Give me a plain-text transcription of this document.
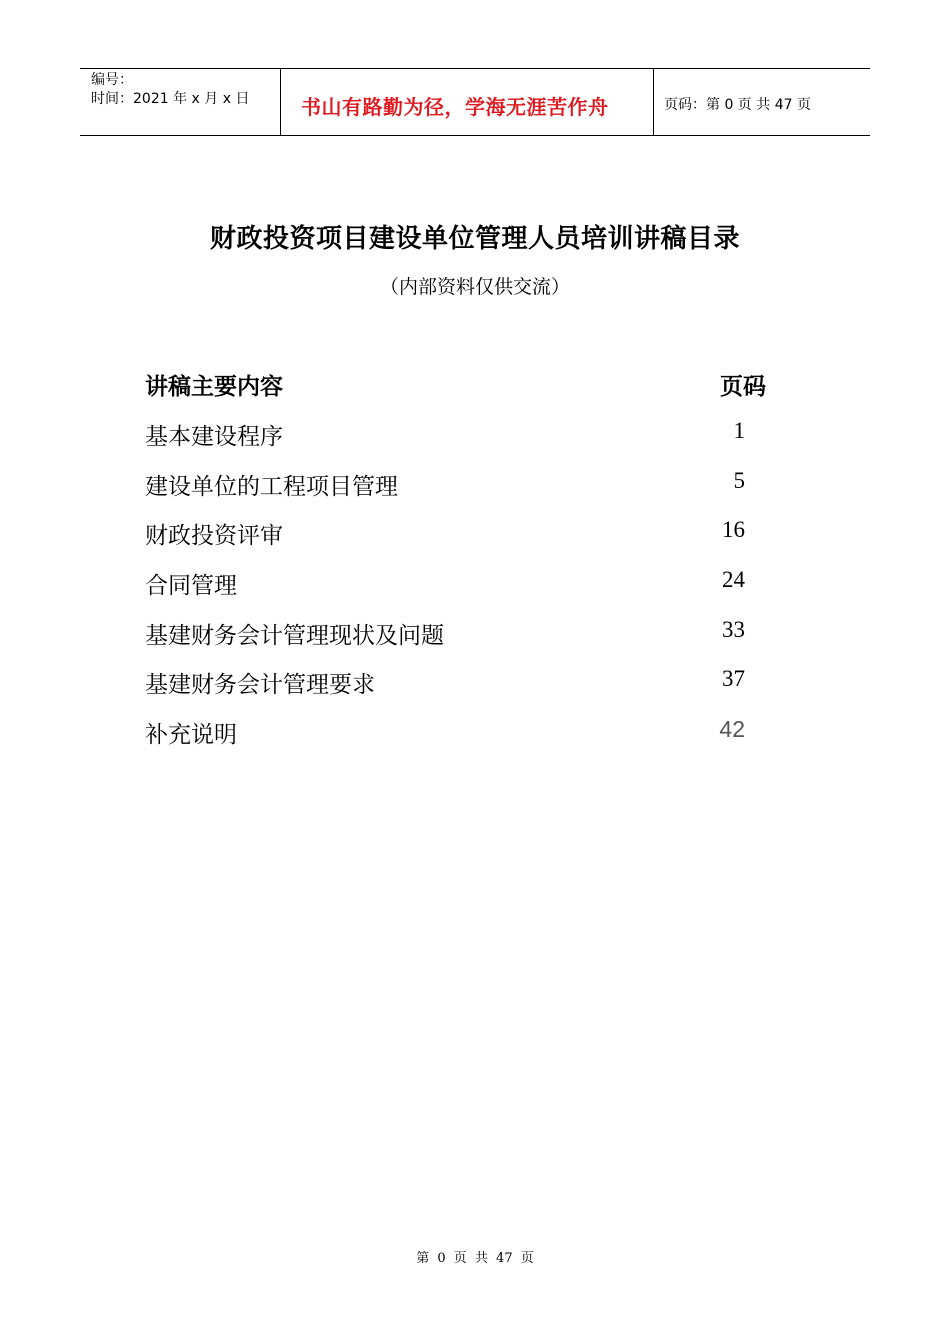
编号：
时间：2021 年 x 月 x 日	书山有路勤为径，学海无涯苦作舟	页码：第 0 页 共 47 页
财政投资项目建设单位管理人员培训讲稿目录
（内部资料仅供交流）
讲稿主要内容	页码
基本建设程序	1
建设单位的工程项目管理	5
财政投资评审	16
合同管理	24
基建财务会计管理现状及问题	33
基建财务会计管理要求	37
补充说明	42
第 0 页 共 47 页
